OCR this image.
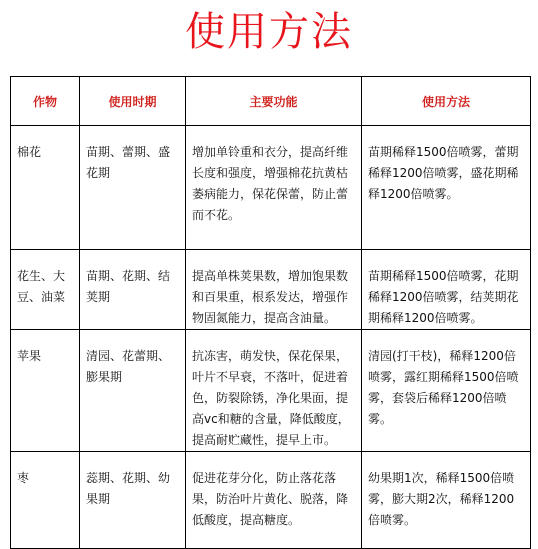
使用方法
作物	使用时期	主要功能	使用方法
棉花	苗期、蕾期、盛花期	增加单铃重和衣分，提高纤维长度和强度，增强棉花抗黄枯萎病能力，保花保蕾，防止蕾而不花。	苗期稀释1500倍喷雾，蕾期稀释1200倍喷雾，盛花期稀释1200倍喷雾。
花生、大豆、油菜	苗期、花期、结荚期	提高单株荚果数，增加饱果数和百果重，根系发达，增强作物固氮能力，提高含油量。	苗期稀释1500倍喷雾，花期稀释1200倍喷雾，结荚期花期稀释1200倍喷雾。
苹果	清园、花蕾期、膨果期	抗冻害，萌发快，保花保果，叶片不早衰，不落叶，促进着色，防裂除锈，净化果面，提高vc和糖的含量，降低酸度，提高耐贮藏性，提早上市。	清园(打干枝)，稀释1200倍喷雾，露红期稀释1500倍喷雾，套袋后稀释1200倍喷雾。
枣	蕊期、花期、幼果期	促进花芽分化，防止落花落果，防治叶片黄化、脱落，降低酸度，提高糖度。	幼果期1次，稀释1500倍喷雾，膨大期2次，稀释1200倍喷雾。
